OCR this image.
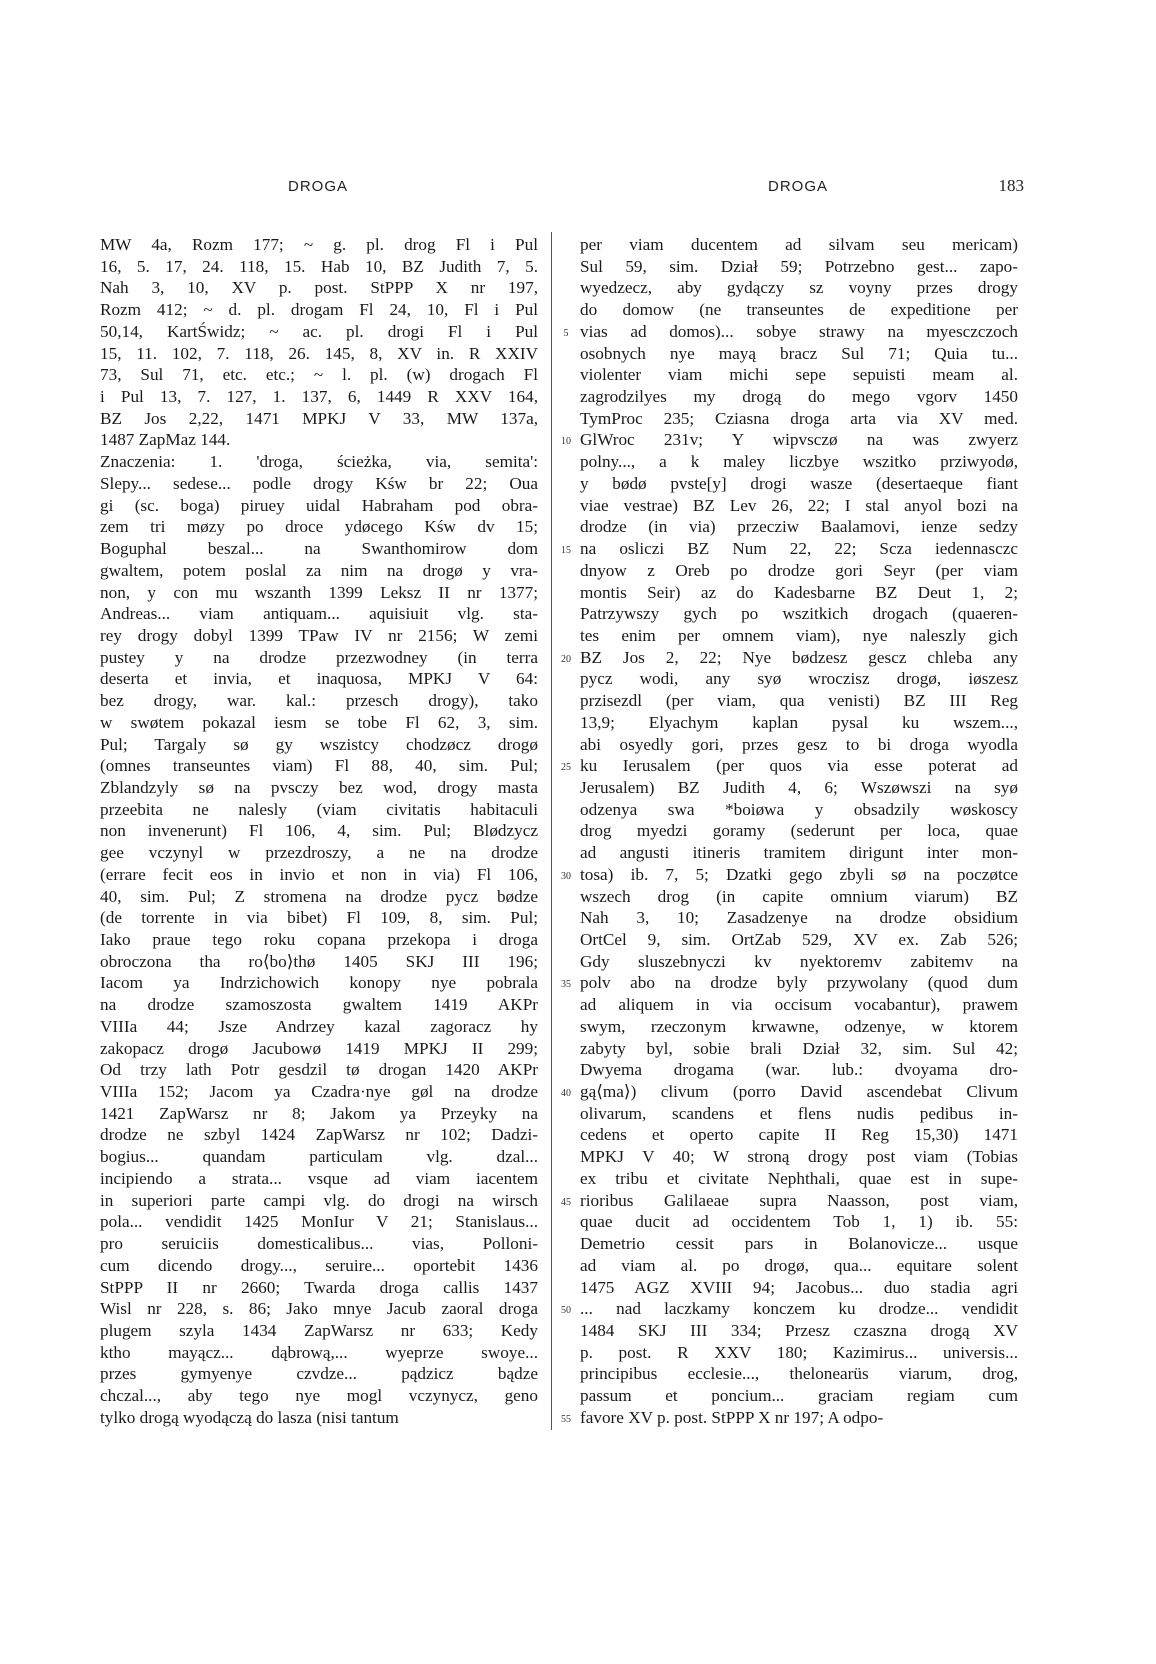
DROGA	DROGA	183
MW 4a, Rozm 177; ~ g. pl. drog Fl i Pul
16, 5. 17, 24. 118, 15. Hab 10, BZ Judith 7, 5.
Nah 3, 10, XV p. post. StPPP X nr 197,
Rozm 412; ~ d. pl. drogam Fl 24, 10, Fl i Pul
50,14, KartŚwidz; ~ ac. pl. drogi Fl i Pul
15, 11. 102, 7. 118, 26. 145, 8, XV in. R XXIV
73, Sul 71, etc. etc.; ~ l. pl. (w) drogach Fl
i Pul 13, 7. 127, 1. 137, 6, 1449 R XXV 164,
BZ Jos 2,22, 1471 MPKJ V 33, MW 137a,
1487 ZapMaz 144.
Znaczenia: 1. 'droga, ścieżka, via, semita':
Slepy... sedese... podle drogy Kśw br 22; Oua
gi (sc. boga) piruey uidal Habraham pod obra-
zem tri møzy po droce ydøcego Kśw dv 15;
Boguphal beszal... na Swanthomirow dom
gwaltem, potem poslal za nim na drogø y vra-
non, y con mu wszanth 1399 Leksz II nr 1377;
Andreas... viam antiquam... aquisiuit vlg. sta-
rey drogy dobyl 1399 TPaw IV nr 2156; W zemi
pustey y na drodze przezwodney (in terra
deserta et invia, et inaquosa, MPKJ V 64:
bez drogy, war. kal.: przesch drogy), tako
w swøtem pokazal iesm se tobe Fl 62, 3, sim.
Pul; Targaly sø gy wszistcy chodzøcz drogø
(omnes transeuntes viam) Fl 88, 40, sim. Pul;
Zblandzyly sø na pvsczy bez wod, drogy masta
przeebita ne nalesly (viam civitatis habitaculi
non invenerunt) Fl 106, 4, sim. Pul; Blødzycz
gee vczynyl w przezdroszy, a ne na drodze
(errare fecit eos in invio et non in via) Fl 106,
40, sim. Pul; Z stromena na drodze pycz bødze
(de torrente in via bibet) Fl 109, 8, sim. Pul;
Iako praue tego roku copana przekopa i droga
obroczona tha ro⟨bo⟩thø 1405 SKJ III 196;
Iacom ya Indrzichowich konopy nye pobrala
na drodze szamoszosta gwaltem 1419 AKPr
VIIIa 44; Jsze Andrzey kazal zagoracz hy
zakopacz drogø Jacubowø 1419 MPKJ II 299;
Od trzy lath Potr gesdzil tø drogan 1420 AKPr
VIIIa 152; Jacom ya Czadra·nye gøl na drodze
1421 ZapWarsz nr 8; Jakom ya Przeyky na
drodze ne szbyl 1424 ZapWarsz nr 102; Dadzi-
bogius... quandam particulam vlg. dzal...
incipiendo a strata... vsque ad viam iacentem
in superiori parte campi vlg. do drogi na wirsch
pola... vendidit 1425 MonIur V 21; Stanislaus...
pro seruiciis domesticalibus... vias, Polloni-
cum dicendo drogy..., seruire... oportebit 1436
StPPP II nr 2660; Twarda droga callis 1437
Wisl nr 228, s. 86; Jako mnye Jacub zaoral droga
plugem szyla 1434 ZapWarsz nr 633; Kedy
ktho mayącz... dąbrową,... wyeprze swoye...
przes gymyenye czvdze... pądzicz bądze
chczal..., aby tego nye mogl vczynycz, geno
tylko drogą wyodączą do lasza (nisi tantum
5
10
15
20
25
30
35
40
45
50
55
per viam ducentem ad silvam seu mericam)
Sul 59, sim. Dział 59; Potrzebno gest... zapo-
wyedzecz, aby gydączy sz voyny przes drogy
do domow (ne transeuntes de expeditione per
vias ad domos)... sobye strawy na myesczczoch
osobnych nye mayą bracz Sul 71; Quia tu...
violenter viam michi sepe sepuisti meam al.
zagrodzilyes my drogą do mego vgorv 1450
TymProc 235; Cziasna droga arta via XV med.
GlWroc 231v; Y wipvsczø na was zwyerz
polny..., a k maley liczbye wszitko prziwyodø,
y bødø pvste[y] drogi wasze (desertaeque fiant
viae vestrae) BZ Lev 26, 22; I stal anyol bozi na
drodze (in via) przecziw Baalamovi, ienze sedzy
na osliczi BZ Num 22, 22; Scza iedennasczc
dnyow z Oreb po drodze gori Seyr (per viam
montis Seir) az do Kadesbarne BZ Deut 1, 2;
Patrzywszy gych po wszitkich drogach (quaeren-
tes enim per omnem viam), nye naleszly gich
BZ Jos 2, 22; Nye bødzesz gescz chleba any
pycz wodi, any syø wroczisz drogø, iøszesz
przisezdl (per viam, qua venisti) BZ III Reg
13,9; Elyachym kaplan pysal ku wszem...,
abi osyedly gori, przes gesz to bi droga wyodla
ku Ierusalem (per quos via esse poterat ad
Jerusalem) BZ Judith 4, 6; Wszøwszi na syø
odzenya swa *boiøwa y obsadzily wøskoscy
drog myedzi goramy (sederunt per loca, quae
ad angusti itineris tramitem dirigunt inter mon-
tosa) ib. 7, 5; Dzatki gego zbyli sø na poczøtce
wszech drog (in capite omnium viarum) BZ
Nah 3, 10; Zasadzenye na drodze obsidium
OrtCel 9, sim. OrtZab 529, XV ex. Zab 526;
Gdy sluszebnyczi kv nyektoremv zabitemv na
polv abo na drodze byly przywolany (quod dum
ad aliquem in via occisum vocabantur), prawem
swym, rzeczonym krwawne, odzenye, w ktorem
zabyty byl, sobie brali Dział 32, sim. Sul 42;
Dwyema drogama (war. lub.: dvoyama dro-
gą⟨ma⟩) clivum (porro David ascendebat Clivum
olivarum, scandens et flens nudis pedibus in-
cedens et operto capite II Reg 15,30) 1471
MPKJ V 40; W stroną drogy post viam (Tobias
ex tribu et civitate Nephthali, quae est in supe-
rioribus Galilaeae supra Naasson, post viam,
quae ducit ad occidentem Tob 1, 1) ib. 55:
Demetrio cessit pars in Bolanovicze... usque
ad viam al. po drogø, qua... equitare solent
1475 AGZ XVIII 94; Jacobus... duo stadia agri
... nad laczkamy konczem ku drodze... vendidit
1484 SKJ III 334; Przesz czaszna drogą XV
p. post. R XXV 180; Kazimirus... universis...
principibus ecclesie..., thelonearüs viarum, drog,
passum et poncium... graciam regiam cum
favore XV p. post. StPPP X nr 197; A odpo-
